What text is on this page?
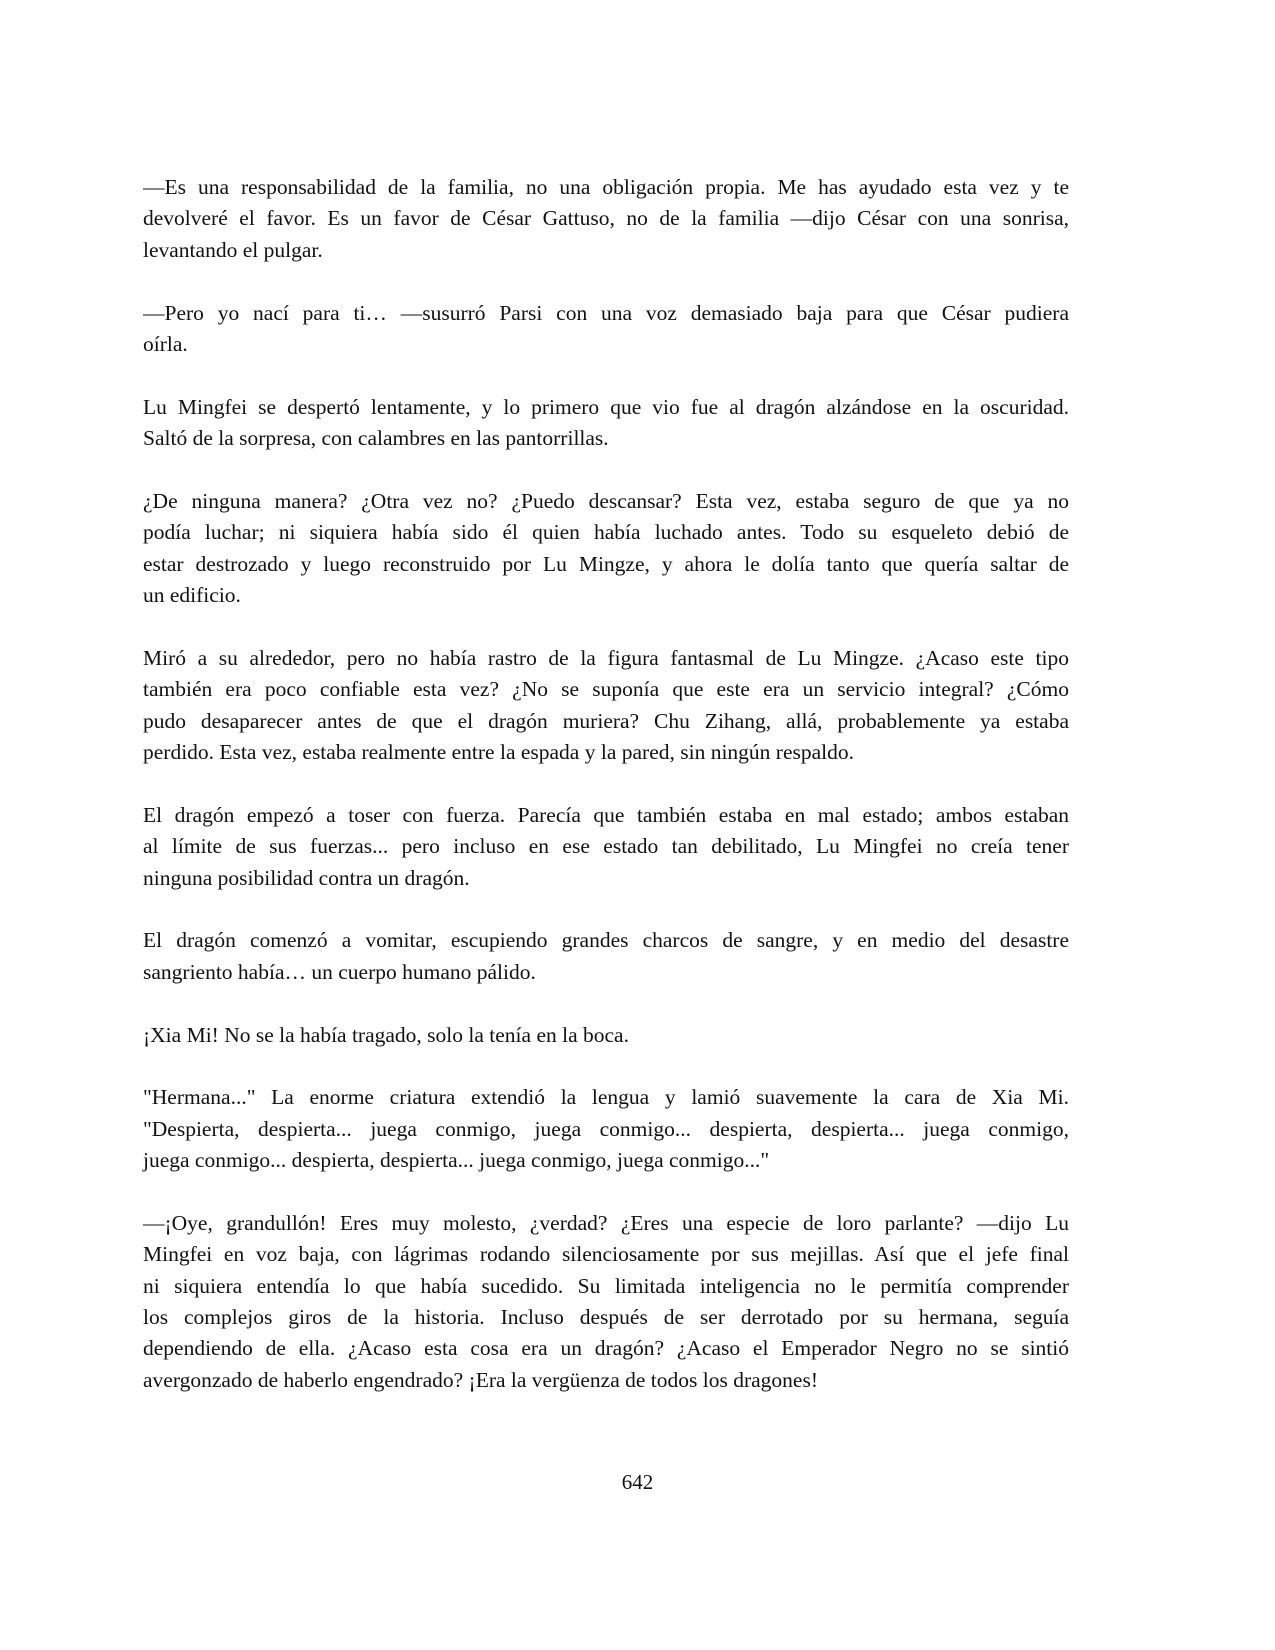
—Es una responsabilidad de la familia, no una obligación propia. Me has ayudado esta vez y te
devolveré el favor. Es un favor de César Gattuso, no de la familia —dijo César con una sonrisa,
levantando el pulgar.
—Pero yo nací para ti… —susurró Parsi con una voz demasiado baja para que César pudiera
oírla.
Lu Mingfei se despertó lentamente, y lo primero que vio fue al dragón alzándose en la oscuridad.
Saltó de la sorpresa, con calambres en las pantorrillas.
¿De ninguna manera? ¿Otra vez no? ¿Puedo descansar? Esta vez, estaba seguro de que ya no
podía luchar; ni siquiera había sido él quien había luchado antes. Todo su esqueleto debió de
estar destrozado y luego reconstruido por Lu Mingze, y ahora le dolía tanto que quería saltar de
un edificio.
Miró a su alrededor, pero no había rastro de la figura fantasmal de Lu Mingze. ¿Acaso este tipo
también era poco confiable esta vez? ¿No se suponía que este era un servicio integral? ¿Cómo
pudo desaparecer antes de que el dragón muriera? Chu Zihang, allá, probablemente ya estaba
perdido. Esta vez, estaba realmente entre la espada y la pared, sin ningún respaldo.
El dragón empezó a toser con fuerza. Parecía que también estaba en mal estado; ambos estaban
al límite de sus fuerzas... pero incluso en ese estado tan debilitado, Lu Mingfei no creía tener
ninguna posibilidad contra un dragón.
El dragón comenzó a vomitar, escupiendo grandes charcos de sangre, y en medio del desastre
sangriento había… un cuerpo humano pálido.
¡Xia Mi! No se la había tragado, solo la tenía en la boca.
"Hermana..." La enorme criatura extendió la lengua y lamió suavemente la cara de Xia Mi.
"Despierta, despierta... juega conmigo, juega conmigo... despierta, despierta... juega conmigo,
juega conmigo... despierta, despierta... juega conmigo, juega conmigo..."
—¡Oye, grandullón! Eres muy molesto, ¿verdad? ¿Eres una especie de loro parlante? —dijo Lu
Mingfei en voz baja, con lágrimas rodando silenciosamente por sus mejillas. Así que el jefe final
ni siquiera entendía lo que había sucedido. Su limitada inteligencia no le permitía comprender
los complejos giros de la historia. Incluso después de ser derrotado por su hermana, seguía
dependiendo de ella. ¿Acaso esta cosa era un dragón? ¿Acaso el Emperador Negro no se sintió
avergonzado de haberlo engendrado? ¡Era la vergüenza de todos los dragones!
642
